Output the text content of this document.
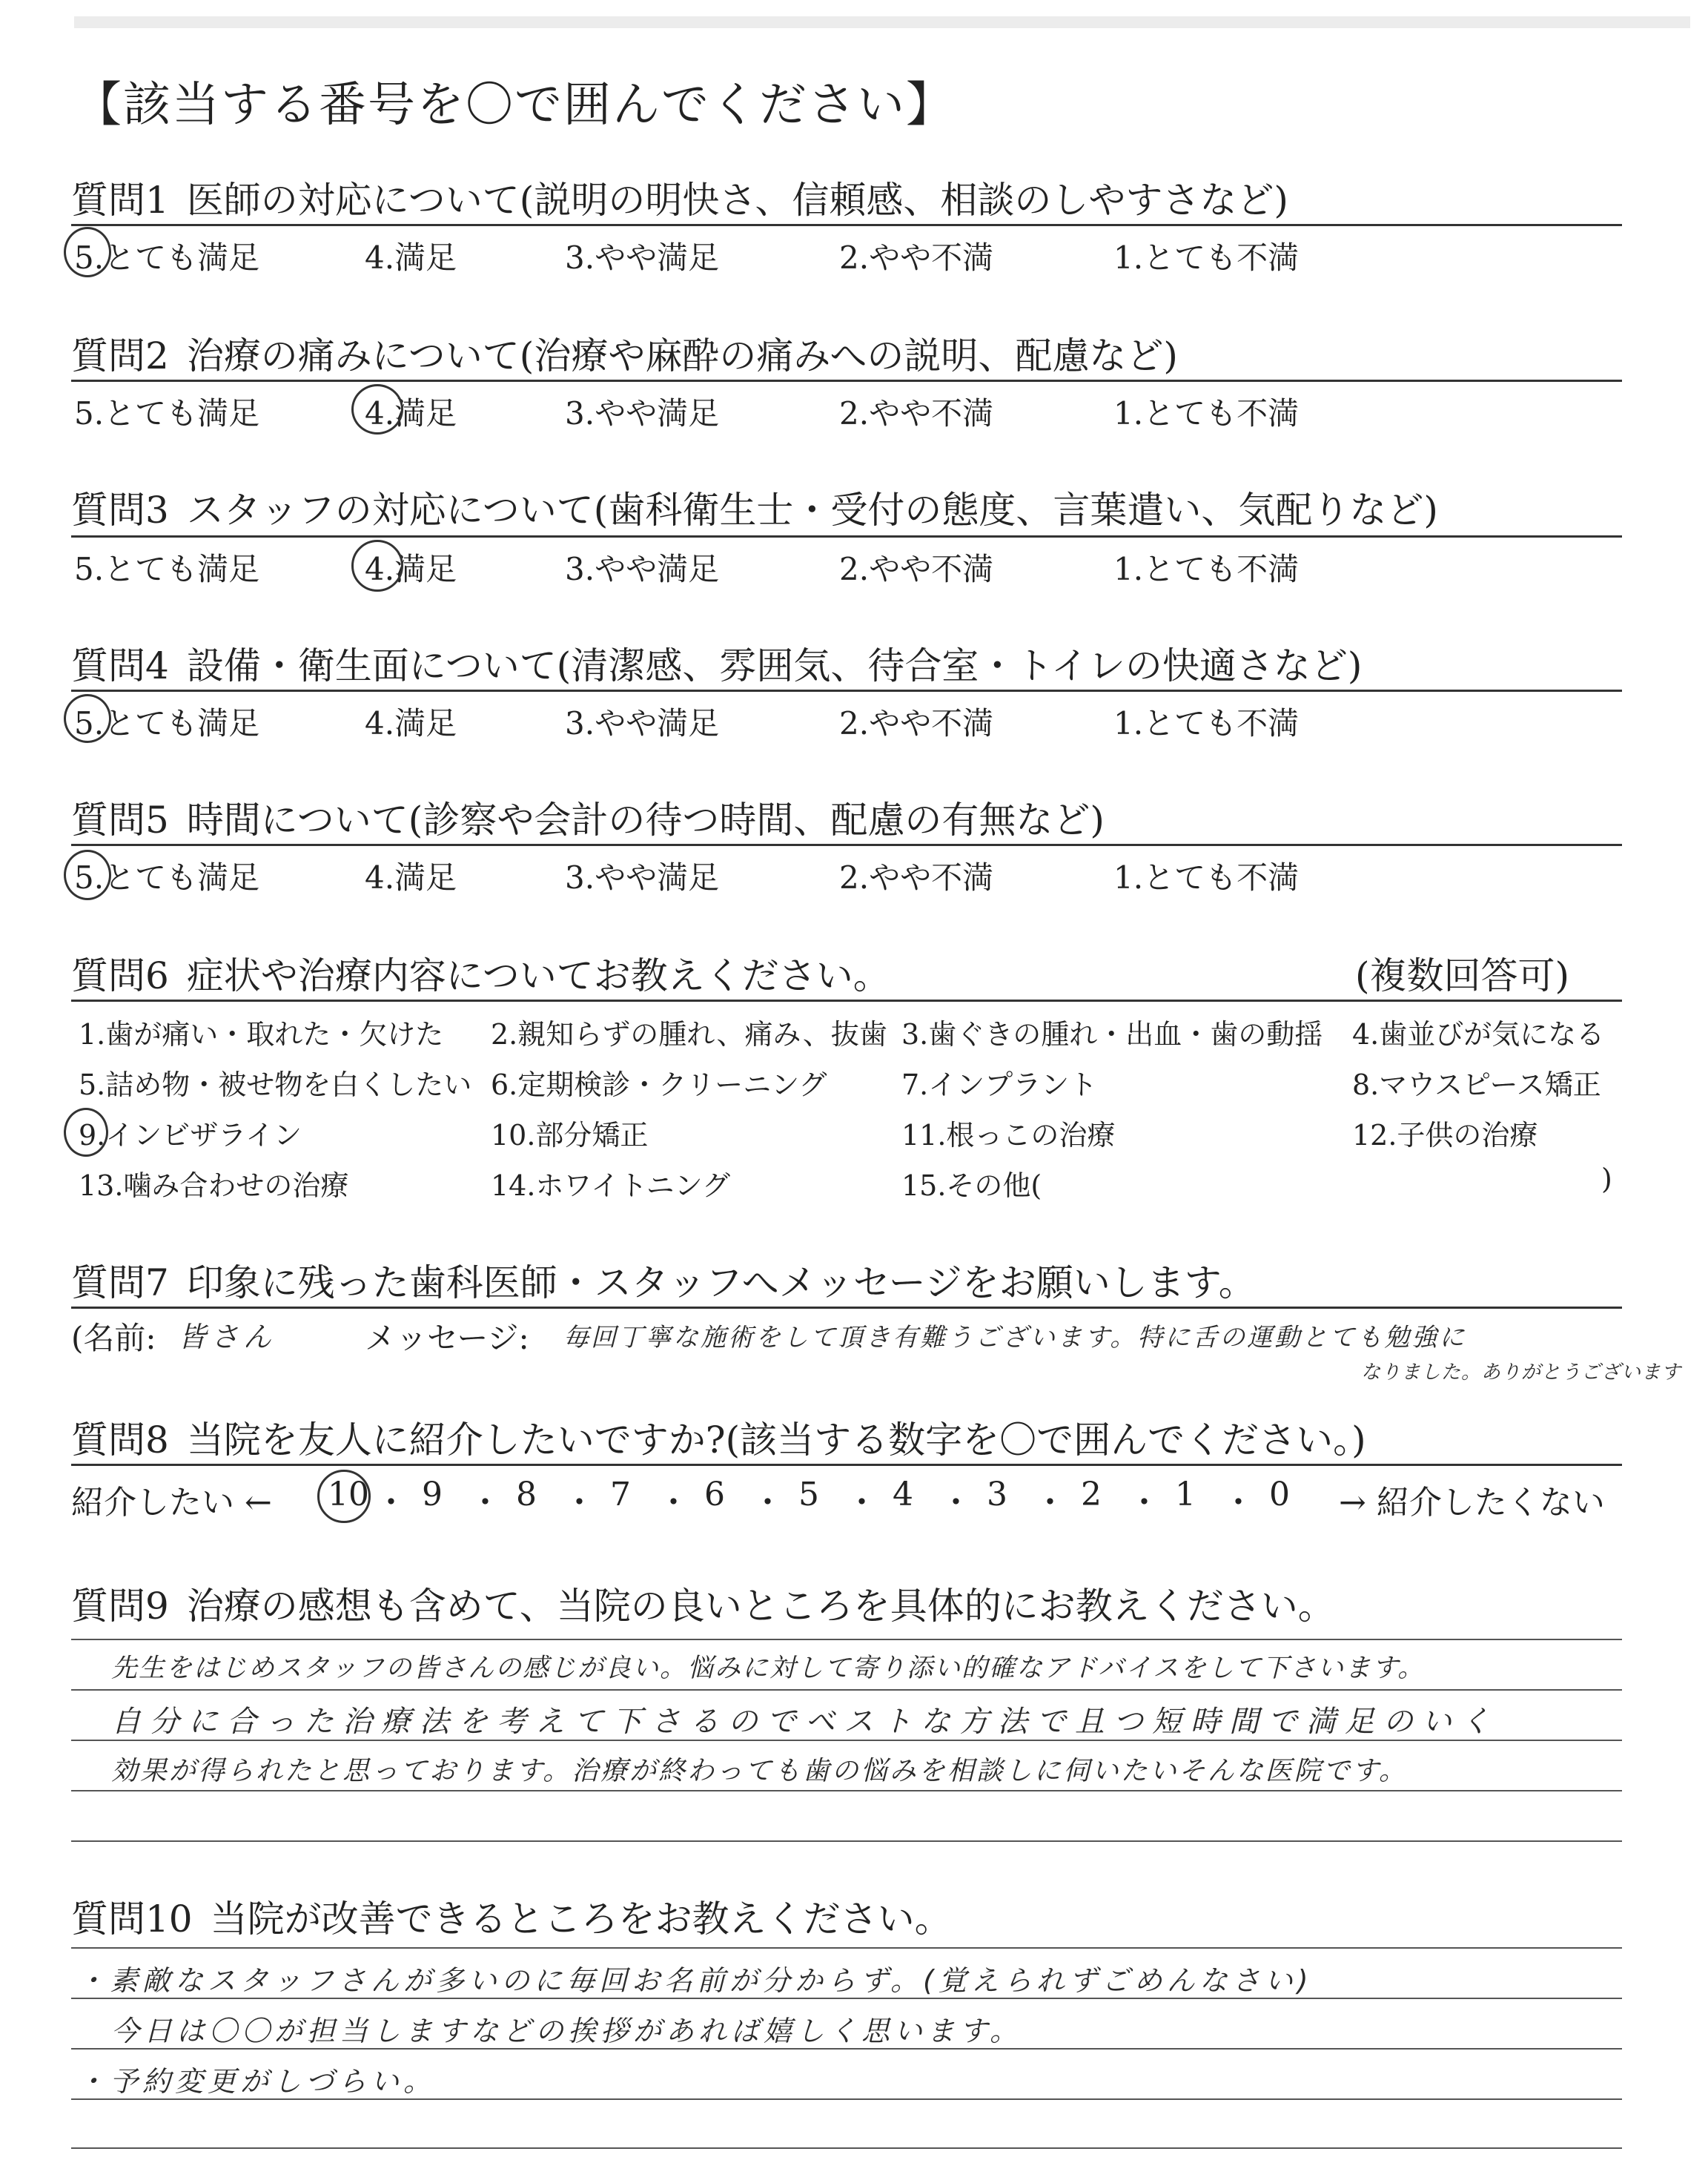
【該当する番号を〇で囲んでください】
質問1 医師の対応について(説明の明快さ、信頼感、相談のしやすさなど)
5.とても満足	4.満足	3.やや満足	2.やや不満	1.とても不満
質問2 治療の痛みについて(治療や麻酔の痛みへの説明、配慮など)
5.とても満足	4.満足	3.やや満足	2.やや不満	1.とても不満
質問3 スタッフの対応について(歯科衛生士・受付の態度、言葉遣い、気配りなど)
5.とても満足	4.満足	3.やや満足	2.やや不満	1.とても不満
質問4 設備・衛生面について(清潔感、雰囲気、待合室・トイレの快適さなど)
5.とても満足	4.満足	3.やや満足	2.やや不満	1.とても不満
質問5 時間について(診察や会計の待つ時間、配慮の有無など)
5.とても満足	4.満足	3.やや満足	2.やや不満	1.とても不満
質問6 症状や治療内容についてお教えください。	(複数回答可)
1.歯が痛い・取れた・欠けた 2.親知らずの腫れ、痛み、抜歯 3.歯ぐきの腫れ・出血・歯の動揺 4.歯並びが気になる
5.詰め物・被せ物を白くしたい 6.定期検診・クリーニング	7.インプラント	8.マウスピース矯正
9.インビザライン	10.部分矯正	11.根っこの治療	12.子供の治療
13.噛み合わせの治療	14.ホワイトニング	15.その他(	)
質問7 印象に残った歯科医師・スタッフへメッセージをお願いします。
(名前: 皆さん	メッセージ: 毎回丁寧な施術をして頂き有難うございます。特に舌の運動とても勉強に
なりました。ありがとうございます
質問8 当院を友人に紹介したいですか?(該当する数字を〇で囲んでください。)
紹介したい ←	→ 紹介したくない
10 ・ 9 ・ 8 ・ 7 ・ 6 ・ 5 ・ 4 ・ 3 ・ 2 ・ 1 ・ 0
質問9 治療の感想も含めて、当院の良いところを具体的にお教えください。
先生をはじめスタッフの皆さんの感じが良い。悩みに対して寄り添い的確なアドバイスをして下さいます。
自分に合った治療法を考えて下さるのでベストな方法で且つ短時間で満足のいく
効果が得られたと思っております。治療が終わっても歯の悩みを相談しに伺いたいそんな医院です。
質問10 当院が改善できるところをお教えください。
・素敵なスタッフさんが多いのに毎回お名前が分からず。(覚えられずごめんなさい)
今日は〇〇が担当しますなどの挨拶があれば嬉しく思います。
・予約変更がしづらい。
